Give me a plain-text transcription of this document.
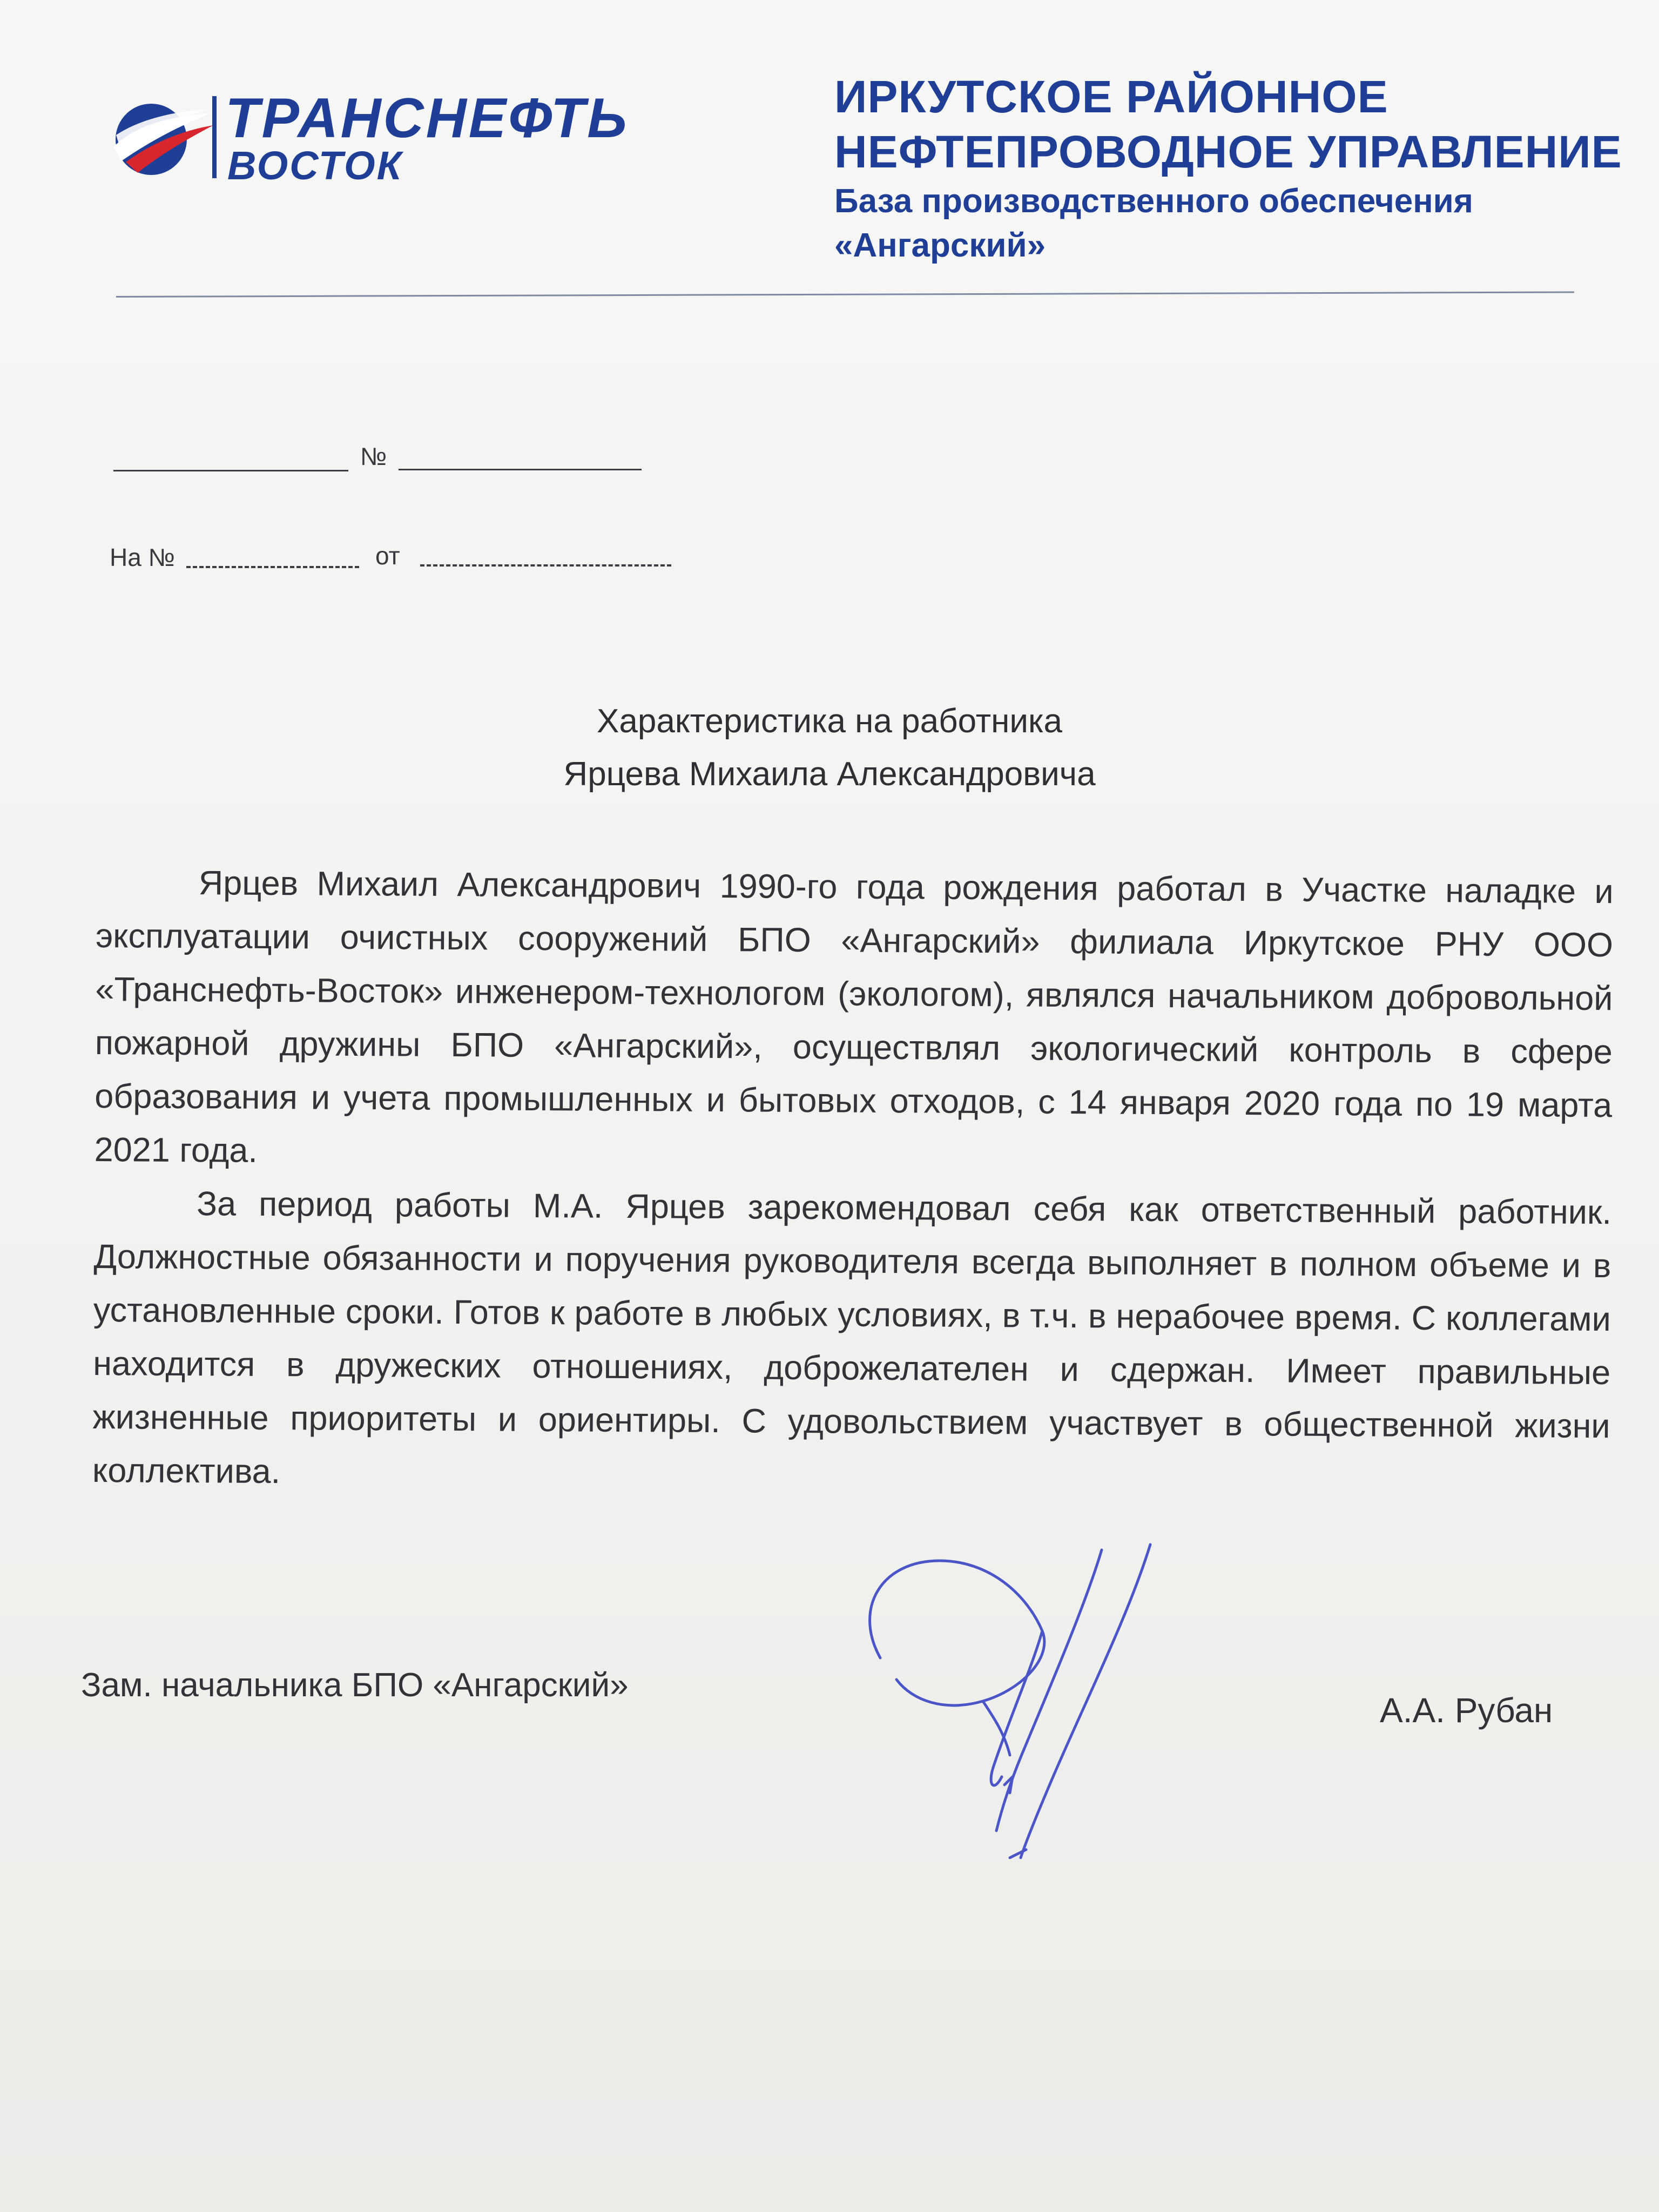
ТРАНСНЕФТЬ
ВОСТОК
ИРКУТСКОЕ РАЙОННОЕ
НЕФТЕПРОВОДНОЕ УПРАВЛЕНИЕ
База производственного обеспечения
«Ангарский»
№
На №	от
Характеристика на работника
Ярцева Михаила Александровича

Ярцев Михаил Александрович 1990-го года рождения работал в Участке наладке и эксплуатации очистных сооружений БПО «Ангарский» филиала Иркутское РНУ ООО «Транснефть-Восток» инженером-технологом (экологом), являлся начальником добровольной пожарной дружины БПО «Ангарский», осуществлял экологический контроль в сфере образования и учета промышленных и бытовых отходов, с 14 января 2020 года по 19 марта 2021 года.

За период работы М.А. Ярцев зарекомендовал себя как ответственный работник. Должностные обязанности и поручения руководителя всегда выполняет в полном объеме и в установленные сроки. Готов к работе в любых условиях, в т.ч. в нерабочее время. С коллегами находится в дружеских отношениях, доброжелателен и сдержан. Имеет правильные жизненные приоритеты и ориентиры. С удовольствием участвует в общественной жизни коллектива.

Зам. начальника БПО «Ангарский»
А.А. Рубан
